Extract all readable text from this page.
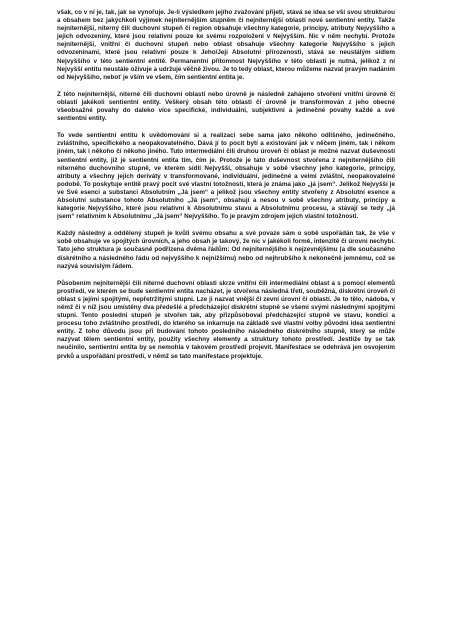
však, co v ní je, tak, jak se vynořuje. Je-li výsledkem jejího zvažování přijetí, stává se idea se vší svou strukturou a obsahem bez jakýchkoli výjimek nejniternějším stupněm či nejniternější oblastí nové sentientní entity. Takže nejniternější, niterný čili duchovní stupeň či region obsahuje všechny kategorie, principy, atributy Nejvyššího a jejich odvozeniny, které jsou relativní pouze ke svému rozpoložení v Nejvyšším. Nic v něm nechybí. Protože nejniternější, vnitřní či duchovní stupeň nebo oblast obsahuje všechny kategorie Nejvyššího s jejich odvozeninami, které jsou relativní pouze k Jeho/Její Absolutní přirozenosti, stává se neustálým sídlem Nejvyššího v této sentientní entitě. Permanentní přítomnost Nejvyššího v této oblasti je nutná, jelikož z ní Nejvyšší entitu neustále oživuje a udržuje věčně živou. Je to tedy oblast, kterou můžeme nazvat pravým nadáním od Nejvyššího, neboť je vším ve všem, čím sentientní entita je.

Z této nejniternější, niterné čili duchovní oblasti nebo úrovně je následně zahájeno stvoření vnitřní úrovně či oblasti jakékoli sentientní entity. Veškerý obsah této oblasti či úrovně je transformován z jeho obecné všeobsažné povahy do daleko více specifické, individuální, subjektivní a jedinečné povahy každé a své sentientní entity.

To vede sentientní entitu k uvědomování si a realizaci sebe sama jako někoho odlišného, jedinečného, zvláštního, specifického a neopakovatelného. Dává jí to pocit bytí a existování jak v něčem jiném, tak i někom jiném, tak i někoho či někoho jiného. Tuto intermediální čili druhou úroveň či oblast je možné nazvat duševností sentientní entity, již je sentientní entita tím, čím je. Protože je tato duševnost stvořena z nejniternějšího čili niterného duchovního stupně, ve kterém sídlí Nejvyšší, obsahuje v sobě všechny jeho kategorie, principy, atributy a všechny jejich deriváty v transformované, individuální, jedinečné a velmi zvláštní, neopakovatelné podobě. To poskytuje entitě pravý pocit své vlastní totožnosti, která je známa jako „já jsem“. Jelikož Nejvyšší je ve Své esenci a substanci Absolutním „Já jsem“ a jelikož jsou všechny entity stvořeny z Absolutní esence a Absolutní substance tohoto Absolutního „Já jsem“, obsahují a nesou v sobě všechny atributy, principy a kategorie Nejvyššího, které jsou relativní k Absolutnímu stavu a Absolutnímu procesu, a stávají se tedy „já jsem“ relativním k Absolutnímu „Já jsem“ Nejvyššího. To je pravým zdrojem jejich vlastní totožnosti.

Každý následný a oddělený stupeň je kvůli svému obsahu a své povaze sám o sobě uspořádán tak, že vše v sobě obsahuje ve spojitých úrovních, a jeho obsah je takový, že nic v jakékoli formě, intenzitě či úrovni nechybí. Tato jeho struktura je současně podřízena dvěma řádům: Od nejniternějšího k nejzevnějšímu (a dle současného diskrétního a následného řádu od nejvyššího k nejnižšímu) nebo od nejhrubšího k nekonečně jemnému, což se nazývá souvislým řádem.

Působením nejniternější čili niterné duchovní oblasti skrze vnitřní čili intermediální oblast a s pomocí elementů prostředí, ve kterém se bude sentientní entita nacházet, je stvořena následná třetí, souběžná, diskrétní úroveň či oblast s jejími spojitými, nepřetržitými stupni. Lze ji nazvat vnější či zevní úrovní či oblastí. Je to tělo, nádoba, v němž či v níž jsou umístěny dva předešlé a předcházející diskrétní stupně se všemi svými následnými spojitými stupni. Tento poslední stupeň je stvořen tak, aby přizpůsoboval předcházející stupně ve stavu, kondici a procesu toho zvláštního prostředí, do kterého se inkarnuje na základě své vlastní volby původní idea sentientní entity. Z toho důvodu jsou při budování tohoto posledního následného diskrétního stupně, který se může nazývat tělem sentientní entity, použity všechny elementy a struktury tohoto prostředí. Jestliže by se tak neučinilo, sentientní entita by se nemohla v takovém prostředí projevit. Manifestace se odehrává jen osvojením prvků a uspořádání prostředí, v němž se tato manifestace projektuje.
